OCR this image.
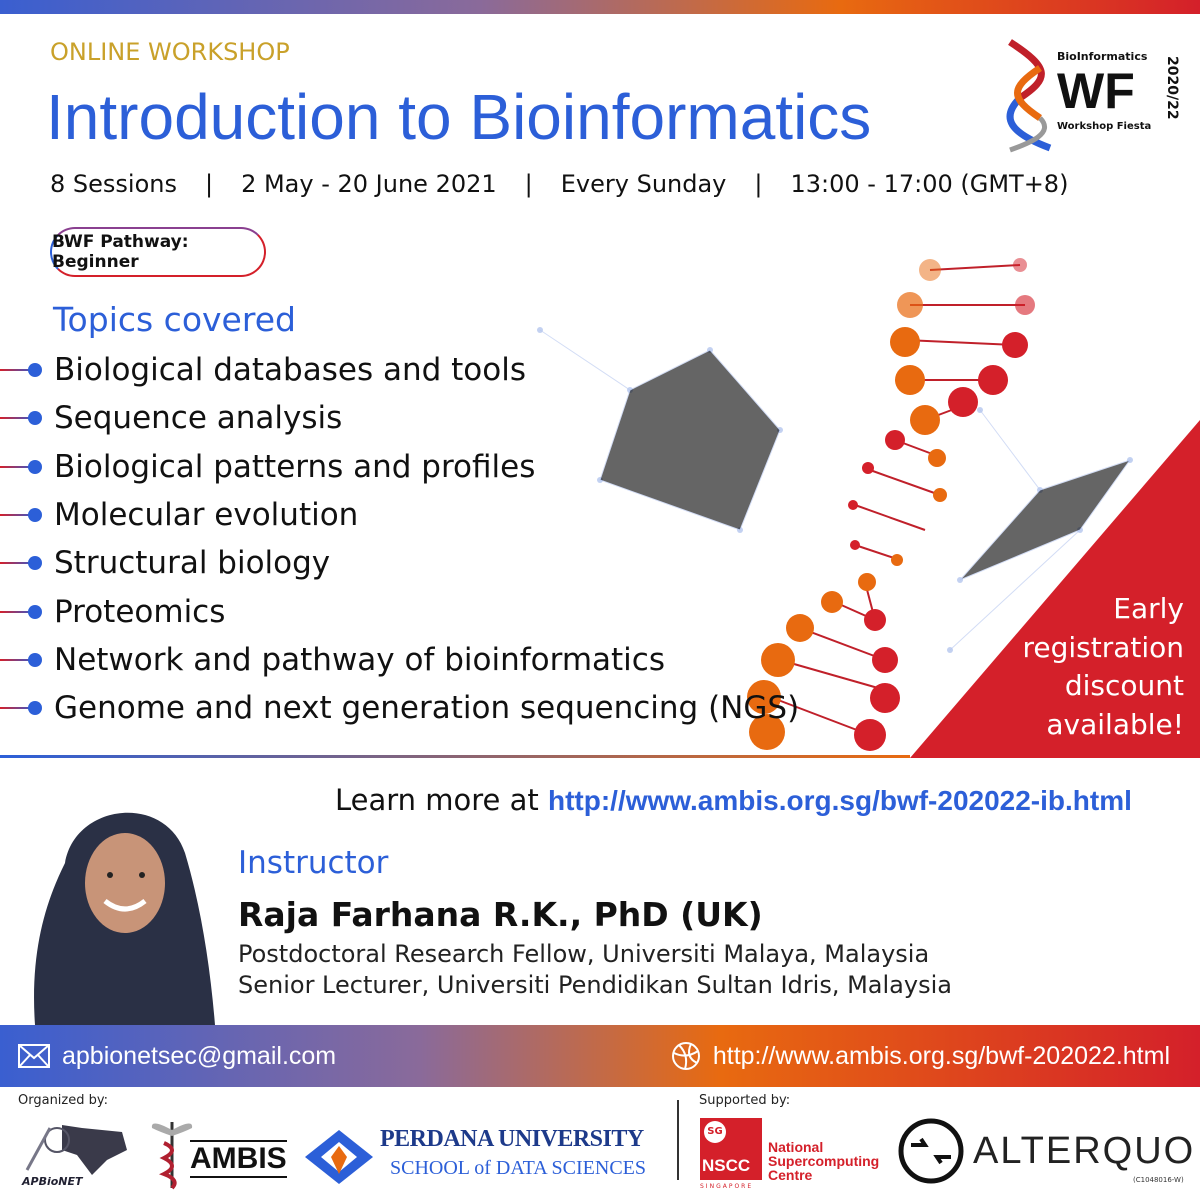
ONLINE WORKSHOP
Introduction to Bioinformatics
8 Sessions | 2 May - 20 June 2021 | Every Sunday | 13:00 - 17:00 (GMT+8)
BioInformatics
WF
Workshop Fiesta
2020/22
BWF Pathway: Beginner
Topics covered
Biological databases and tools
Sequence analysis
Biological patterns and profiles
Molecular evolution
Structural biology
Proteomics
Network and pathway of bioinformatics
Genome and next generation sequencing (NGS)
Early
registration
discount
available!
Learn more at http://www.ambis.org.sg/bwf-202022-ib.html
Instructor
Raja Farhana R.K., PhD (UK)
Postdoctoral Research Fellow, Universiti Malaya, Malaysia
Senior Lecturer, Universiti Pendidikan Sultan Idris, Malaysia
apbionetsec@gmail.com	http://www.ambis.org.sg/bwf-202022.html
Organized by:
APBioNET
AMBIS
PERDANA UNIVERSITY
SCHOOL of DATA SCIENCES
Supported by:
SG
NSCC
SINGAPORE
National Supercomputing Centre
ALTERQUO
(C1048016-W)
